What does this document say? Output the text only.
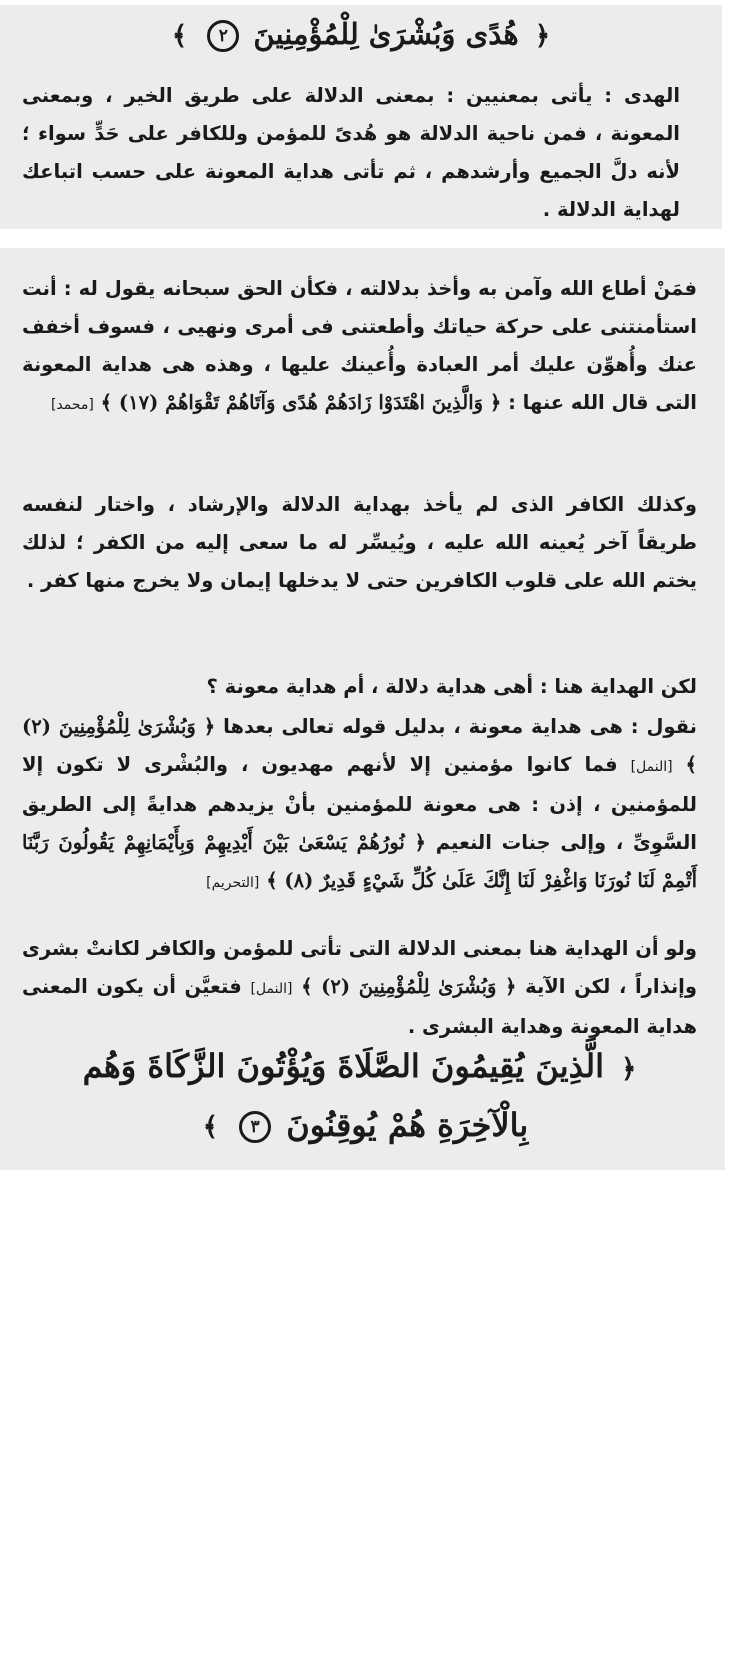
﴿ هُدًى وَبُشْرَىٰ لِلْمُؤْمِنِينَ ٢ ﴾

الهدى : يأتى بمعنيين : بمعنى الدلالة على طريق الخير ، وبمعنى المعونة ، فمن ناحية الدلالة هو هُدىً للمؤمن وللكافر على حَدٍّ سواء ؛ لأنه دلَّ الجميع وأرشدهم ، ثم تأتى هداية المعونة على حسب اتباعك لهداية الدلالة .

فمَنْ أطاع الله وآمن به وأخذ بدلالته ، فكأن الحق سبحانه يقول له : أنت استأمنتنى على حركة حياتك وأطعتنى فى أمرى ونهيى ، فسوف أخفف عنك وأُهوِّن عليك أمر العبادة وأُعينك عليها ، وهذه هى هداية المعونة التى قال الله عنها : ﴿ وَالَّذِينَ اهْتَدَوْا زَادَهُمْ هُدًى وَآتَاهُمْ تَقْوَاهُمْ (١٧) ﴾ [محمد]

وكذلك الكافر الذى لم يأخذ بهداية الدلالة والإرشاد ، واختار لنفسه طريقاً آخر يُعينه الله عليه ، ويُيسِّر له ما سعى إليه من الكفر ؛ لذلك يختم الله على قلوب الكافرين حتى لا يدخلها إيمان ولا يخرج منها كفر .

لكن الهداية هنا : أهى هداية دلالة ، أم هداية معونة ؟

نقول : هى هداية معونة ، بدليل قوله تعالى بعدها ﴿ وَبُشْرَىٰ لِلْمُؤْمِنِينَ (٢) ﴾ [النمل] فما كانوا مؤمنين إلا لأنهم مهديون ، والبُشْرى لا تكون إلا للمؤمنين ، إذن : هى معونة للمؤمنين بأنْ يزيدهم هدايةً إلى الطريق السَّوِىِّ ، وإلى جنات النعيم ﴿ نُورُهُمْ يَسْعَىٰ بَيْنَ أَيْدِيهِمْ وَبِأَيْمَانِهِمْ يَقُولُونَ رَبَّنَا أَتْمِمْ لَنَا نُورَنَا وَاغْفِرْ لَنَا إِنَّكَ عَلَىٰ كُلِّ شَيْءٍ قَدِيرٌ (٨) ﴾ [التحريم]

ولو أن الهداية هنا بمعنى الدلالة التى تأتى للمؤمن والكافر لكانتْ بشرى وإنذاراً ، لكن الآية ﴿ وَبُشْرَىٰ لِلْمُؤْمِنِينَ (٢) ﴾ [النمل] فتعيَّن أن يكون المعنى هداية المعونة وهداية البشرى .

﴿ الَّذِينَ يُقِيمُونَ الصَّلَاةَ وَيُؤْتُونَ الزَّكَاةَ وَهُم
بِالْآخِرَةِ هُمْ يُوقِنُونَ ٣ ﴾
